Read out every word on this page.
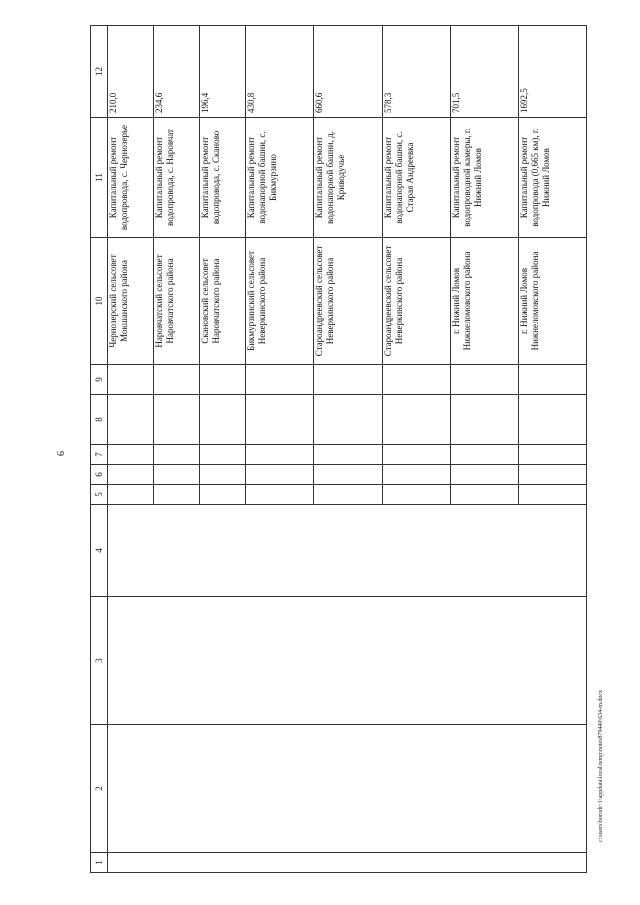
9
c:\users\borodi~1\appdata\local\temp\notes879440\634-m.docx
1	2	3	4	5	6	7	8	9	10	11	12
									Чернозерский сельсовет Мокшанского района	Капитальный ремонт водопровода, с. Чернозерье	210,0
									Наровчатский сельсовет Наровчатского района	Капитальный ремонт водопровода, с. Наровчат	234,6
									Скановский сельсовет Наровчатского района	Капитальный ремонт водопровода, с. Сканово	196,4
									Бикмурзинский сельсовет Неверкинского района	Капитальный ремонт водонапорной башни, с. Бикмурзино	430,8
									Староандреевский сельсовет Неверкинского района	Капитальный ремонт водонапорной башни, д. Криводучье	660,6
									Староандреевский сельсовет Неверкинского района	Капитальный ремонт водонапорной башни, с. Старая Андреевка	578,3
									г. Нижний Ломов Нижнеломовского района	Капитальный ремонт водопроводной камеры, г. Нижний Ломов	701,5
									г. Нижний Ломов Нижнеломовского района	Капитальный ремонт водопровода (0,665 км), г. Нижний Ломов	1692,5
